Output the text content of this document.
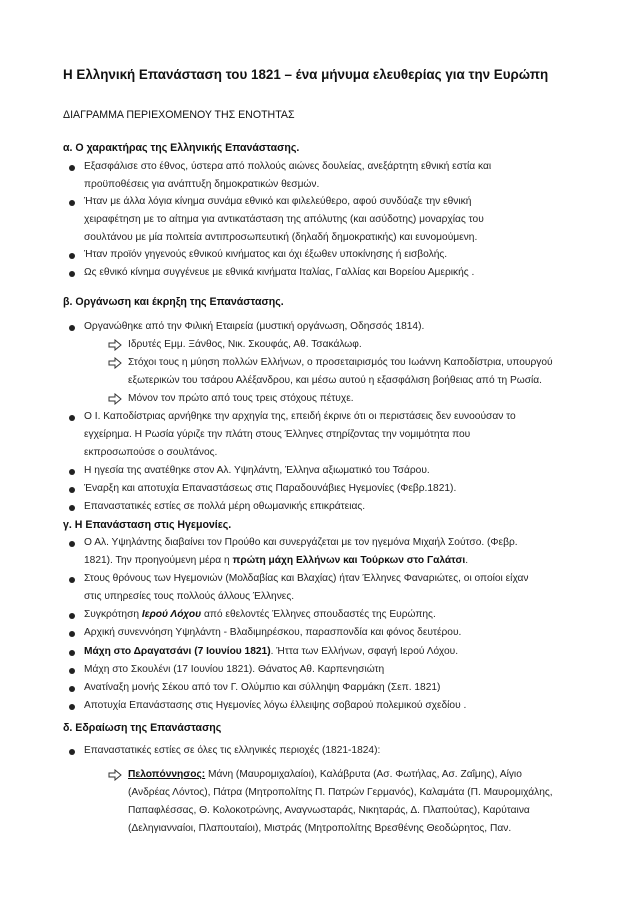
Η Ελληνική Επανάσταση του 1821 – ένα μήνυμα ελευθερίας για την Ευρώπη
ΔΙΑΓΡΑΜΜΑ ΠΕΡΙΕΧΟΜΕΝΟΥ ΤΗΣ ΕΝΟΤΗΤΑΣ
α. Ο χαρακτήρας της Ελληνικής Επανάστασης.
Εξασφάλισε στο έθνος, ύστερα από πολλούς αιώνες δουλείας, ανεξάρτητη εθνική εστία και
προϋποθέσεις για ανάπτυξη δημοκρατικών θεσμών.
Ήταν με άλλα λόγια κίνημα συνάμα εθνικό και φιλελεύθερο, αφού συνδύαζε την εθνική
χειραφέτηση με το αίτημα για αντικατάσταση της απόλυτης (και ασύδοτης) μοναρχίας του
σουλτάνου με μία πολιτεία αντιπροσωπευτική (δηλαδή δημοκρατικής) και ευνομούμενη.
Ήταν προϊόν γηγενούς εθνικού κινήματος και όχι έξωθεν υποκίνησης ή εισβολής.
Ως εθνικό κίνημα συγγένευε με εθνικά κινήματα Ιταλίας, Γαλλίας και Βορείου Αμερικής .
β. Οργάνωση και έκρηξη της Επανάστασης.
Οργανώθηκε από την Φιλική Εταιρεία (μυστική οργάνωση, Οδησσός 1814).
Ιδρυτές Εμμ. Ξάνθος, Νικ. Σκουφάς, Αθ. Τσακάλωφ.
Στόχοι τους η μύηση πολλών Ελλήνων, ο προσεταιρισμός του Ιωάννη Καποδίστρια, υπουργού
εξωτερικών του τσάρου Αλέξανδρου, και μέσω αυτού η εξασφάλιση βοήθειας από τη Ρωσία.
Μόνον τον πρώτο από τους τρεις στόχους πέτυχε.
Ο Ι. Καποδίστριας αρνήθηκε την αρχηγία της, επειδή έκρινε ότι οι περιστάσεις δεν ευνοούσαν το
εγχείρημα. Η Ρωσία γύριζε την πλάτη στους Έλληνες στηρίζοντας την νομιμότητα που
εκπροσωπούσε ο σουλτάνος.
Η ηγεσία της ανατέθηκε στον Αλ. Υψηλάντη, Έλληνα αξιωματικό του Τσάρου.
Έναρξη και αποτυχία Επαναστάσεως στις Παραδουνάβιες Ηγεμονίες (Φεβρ.1821).
Επαναστατικές εστίες σε πολλά μέρη οθωμανικής επικράτειας.
γ. Η Επανάσταση στις Ηγεμονίες.
Ο Αλ. Υψηλάντης διαβαίνει τον Προύθο και συνεργάζεται με τον ηγεμόνα Μιχαήλ Σούτσο. (Φεβρ.
1821). Την προηγούμενη μέρα η πρώτη μάχη Ελλήνων και Τούρκων στο Γαλάτσι.
Στους θρόνους των Ηγεμονιών (Μολδαβίας και Βλαχίας) ήταν Έλληνες Φαναριώτες, οι οποίοι είχαν
στις υπηρεσίες τους πολλούς άλλους Έλληνες.
Συγκρότηση Ιερού Λόχου από εθελοντές Έλληνες σπουδαστές της Ευρώπης.
Αρχική συνεννόηση Υψηλάντη - Βλαδιμηρέσκου, παρασπονδία και φόνος δευτέρου.
Μάχη στο Δραγατσάνι (7 Ιουνίου 1821). Ήττα των Ελλήνων, σφαγή Ιερού Λόχου.
Μάχη στο Σκουλένι (17 Ιουνίου 1821). Θάνατος Αθ. Καρπενησιώτη
Ανατίναξη μονής Σέκου από τον Γ. Ολύμπιο και σύλληψη Φαρμάκη (Σεπ. 1821)
Αποτυχία Επανάστασης στις Ηγεμονίες λόγω έλλειψης σοβαρού πολεμικού σχεδίου .
δ. Εδραίωση της Επανάστασης
Επαναστατικές εστίες σε όλες τις ελληνικές περιοχές (1821-1824):
Πελοπόννησος: Μάνη (Μαυρομιχαλαίοι), Καλάβρυτα (Ασ. Φωτήλας, Ασ. Ζαΐμης), Αίγιο
(Ανδρέας Λόντος), Πάτρα (Μητροπολίτης Π. Πατρών Γερμανός), Καλαμάτα (Π. Μαυρομιχάλης,
Παπαφλέσσας, Θ. Κολοκοτρώνης, Αναγνωσταράς, Νικηταράς, Δ. Πλαπούτας), Καρύταινα
(Δεληγιανναίοι, Πλαπουταίοι), Μιστράς (Μητροπολίτης Βρεσθένης Θεοδώρητος, Παν.
